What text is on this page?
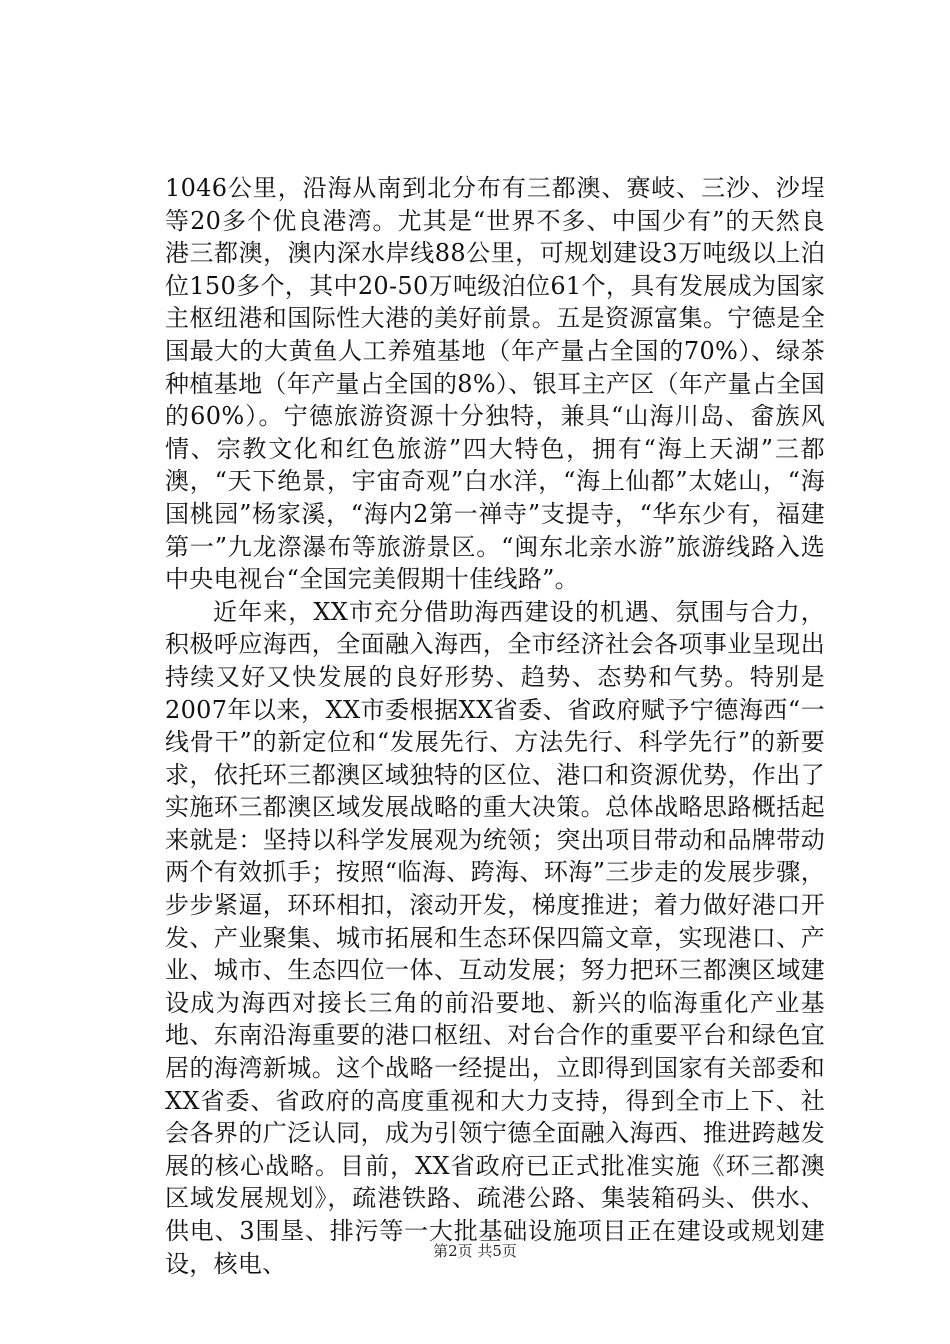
1046公里，沿海从南到北分布有三都澳、赛岐、三沙、沙埕等20多个优良港湾。尤其是“世界不多、中国少有”的天然良港三都澳，澳内深水岸线88公里，可规划建设3万吨级以上泊位150多个，其中20-50万吨级泊位61个，具有发展成为国家主枢纽港和国际性大港的美好前景。五是资源富集。宁德是全国最大的大黄鱼人工养殖基地（年产量占全国的70%）、绿茶种植基地（年产量占全国的8%）、银耳主产区（年产量占全国的60%）。宁德旅游资源十分独特，兼具“山海川岛、畲族风情、宗教文化和红色旅游”四大特色，拥有“海上天湖”三都澳，“天下绝景，宇宙奇观”白水洋，“海上仙都”太姥山，“海国桃园”杨家溪，“海内2第一禅寺”支提寺，“华东少有，福建第一”九龙漈瀑布等旅游景区。“闽东北亲水游”旅游线路入选中央电视台“全国完美假期十佳线路”。

近年来，XX市充分借助海西建设的机遇、氛围与合力，积极呼应海西，全面融入海西，全市经济社会各项事业呈现出持续又好又快发展的良好形势、趋势、态势和气势。特别是2007年以来，XX市委根据XX省委、省政府赋予宁德海西“一线骨干”的新定位和“发展先行、方法先行、科学先行”的新要求，依托环三都澳区域独特的区位、港口和资源优势，作出了实施环三都澳区域发展战略的重大决策。总体战略思路概括起来就是：坚持以科学发展观为统领；突出项目带动和品牌带动两个有效抓手；按照“临海、跨海、环海”三步走的发展步骤，步步紧逼，环环相扣，滚动开发，梯度推进；着力做好港口开发、产业聚集、城市拓展和生态环保四篇文章，实现港口、产业、城市、生态四位一体、互动发展；努力把环三都澳区域建设成为海西对接长三角的前沿要地、新兴的临海重化产业基地、东南沿海重要的港口枢纽、对台合作的重要平台和绿色宜居的海湾新城。这个战略一经提出，立即得到国家有关部委和XX省委、省政府的高度重视和大力支持，得到全市上下、社会各界的广泛认同，成为引领宁德全面融入海西、推进跨越发展的核心战略。目前，XX省政府已正式批准实施《环三都澳区域发展规划》，疏港铁路、疏港公路、集装箱码头、供水、供电、3围垦、排污等一大批基础设施项目正在建设或规划建设，核电、	第2页 共5页
